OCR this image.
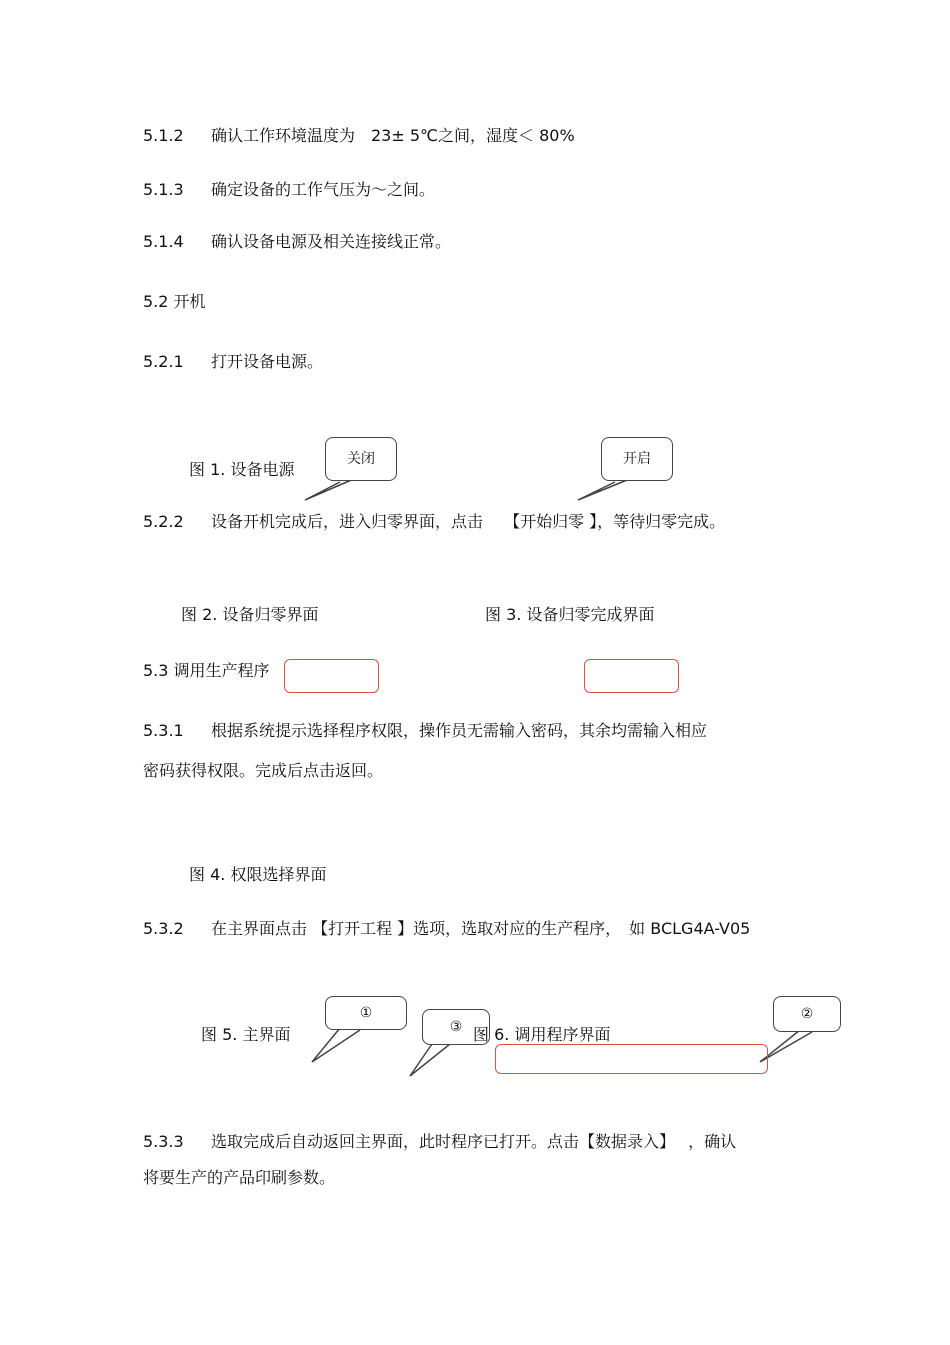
5.1.2 确认工作环境温度为　23± 5℃之间，湿度＜ 80%
5.1.3 确定设备的工作气压为～之间。
5.1.4 确认设备电源及相关连接线正常。
5.2 开机
5.2.1 打开设备电源。
图 1. 设备电源
关闭	开启
5.2.2 设备开机完成后，进入归零界面，点击　 【开始归零 】，等待归零完成。
图 2. 设备归零界面	图 3. 设备归零完成界面
5.3 调用生产程序
5.3.1 根据系统提示选择程序权限，操作员无需输入密码，其余均需输入相应
密码获得权限。完成后点击返回。
图 4. 权限选择界面
5.3.2 在主界面点击 【打开工程 】选项，选取对应的生产程序，　如 BCLG4A-V05
图 5. 主界面
①
③ 图 6. 调用程序界面
②
5.3.3 选取完成后自动返回主界面，此时程序已打开。点击【数据录入】　 ，确认
将要生产的产品印刷参数。
